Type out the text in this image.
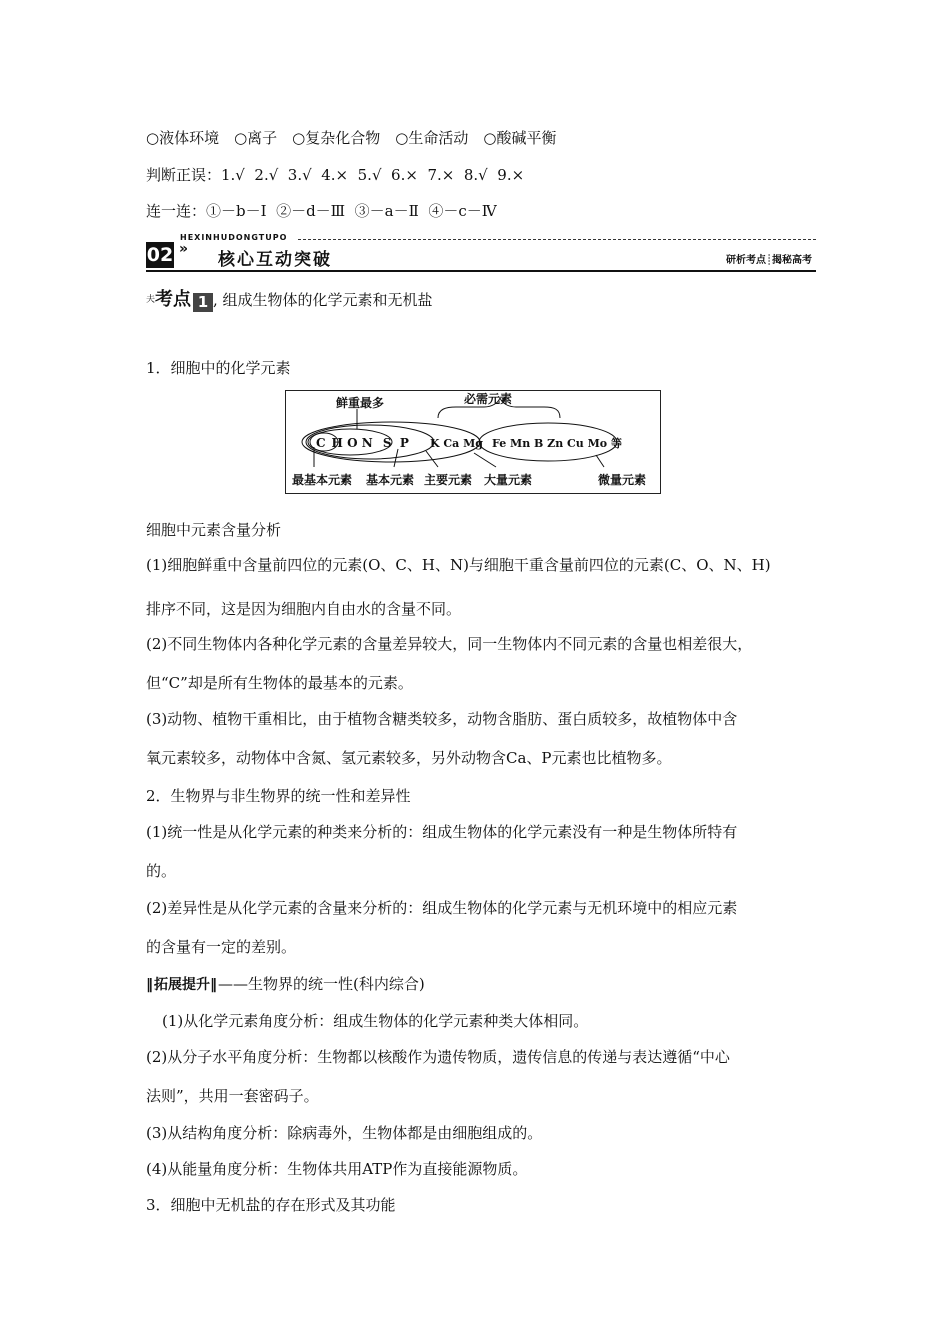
○液体环境　○离子　○复杂化合物　○生命活动　○酸碱平衡
判断正误：1.√  2.√  3.√  4.×  5.√  6.×  7.×  8.√  9.×
连一连：①－b－Ⅰ  ②－d－Ⅲ  ③－a－Ⅱ  ④－c－Ⅳ
HEXINHUDONGTUPO
02 »
核心互动突破	研析考点┊揭秘高考
$^夫$考点 1 , 组成生物体的化学元素和无机盐
1．细胞中的化学元素
必需元素
鲜重最多
C H O N  S  P K Ca Mg Fe Mn B Zn Cu Mo 等
最基本元素 基本元素 主要元素 大量元素	微量元素
细胞中元素含量分析
(1)细胞鲜重中含量前四位的元素(O、C、H、N)与细胞干重含量前四位的元素(C、O、N、H)
排序不同，这是因为细胞内自由水的含量不同。
(2)不同生物体内各种化学元素的含量差异较大，同一生物体内不同元素的含量也相差很大，
但“C”却是所有生物体的最基本的元素。
(3)动物、植物干重相比，由于植物含糖类较多，动物含脂肪、蛋白质较多，故植物体中含
氧元素较多，动物体中含氮、氢元素较多，另外动物含Ca、P元素也比植物多。
2．生物界与非生物界的统一性和差异性
(1)统一性是从化学元素的种类来分析的：组成生物体的化学元素没有一种是生物体所特有
的。
(2)差异性是从化学元素的含量来分析的：组成生物体的化学元素与无机环境中的相应元素
的含量有一定的差别。
‖ 拓展提升‖ ——生物界的统一性(科内综合)
(1)从化学元素角度分析：组成生物体的化学元素种类大体相同。
(2)从分子水平角度分析：生物都以核酸作为遗传物质，遗传信息的传递与表达遵循“中心
法则”，共用一套密码子。
(3)从结构角度分析：除病毒外，生物体都是由细胞组成的。
(4)从能量角度分析：生物体共用ATP作为直接能源物质。
3．细胞中无机盐的存在形式及其功能
